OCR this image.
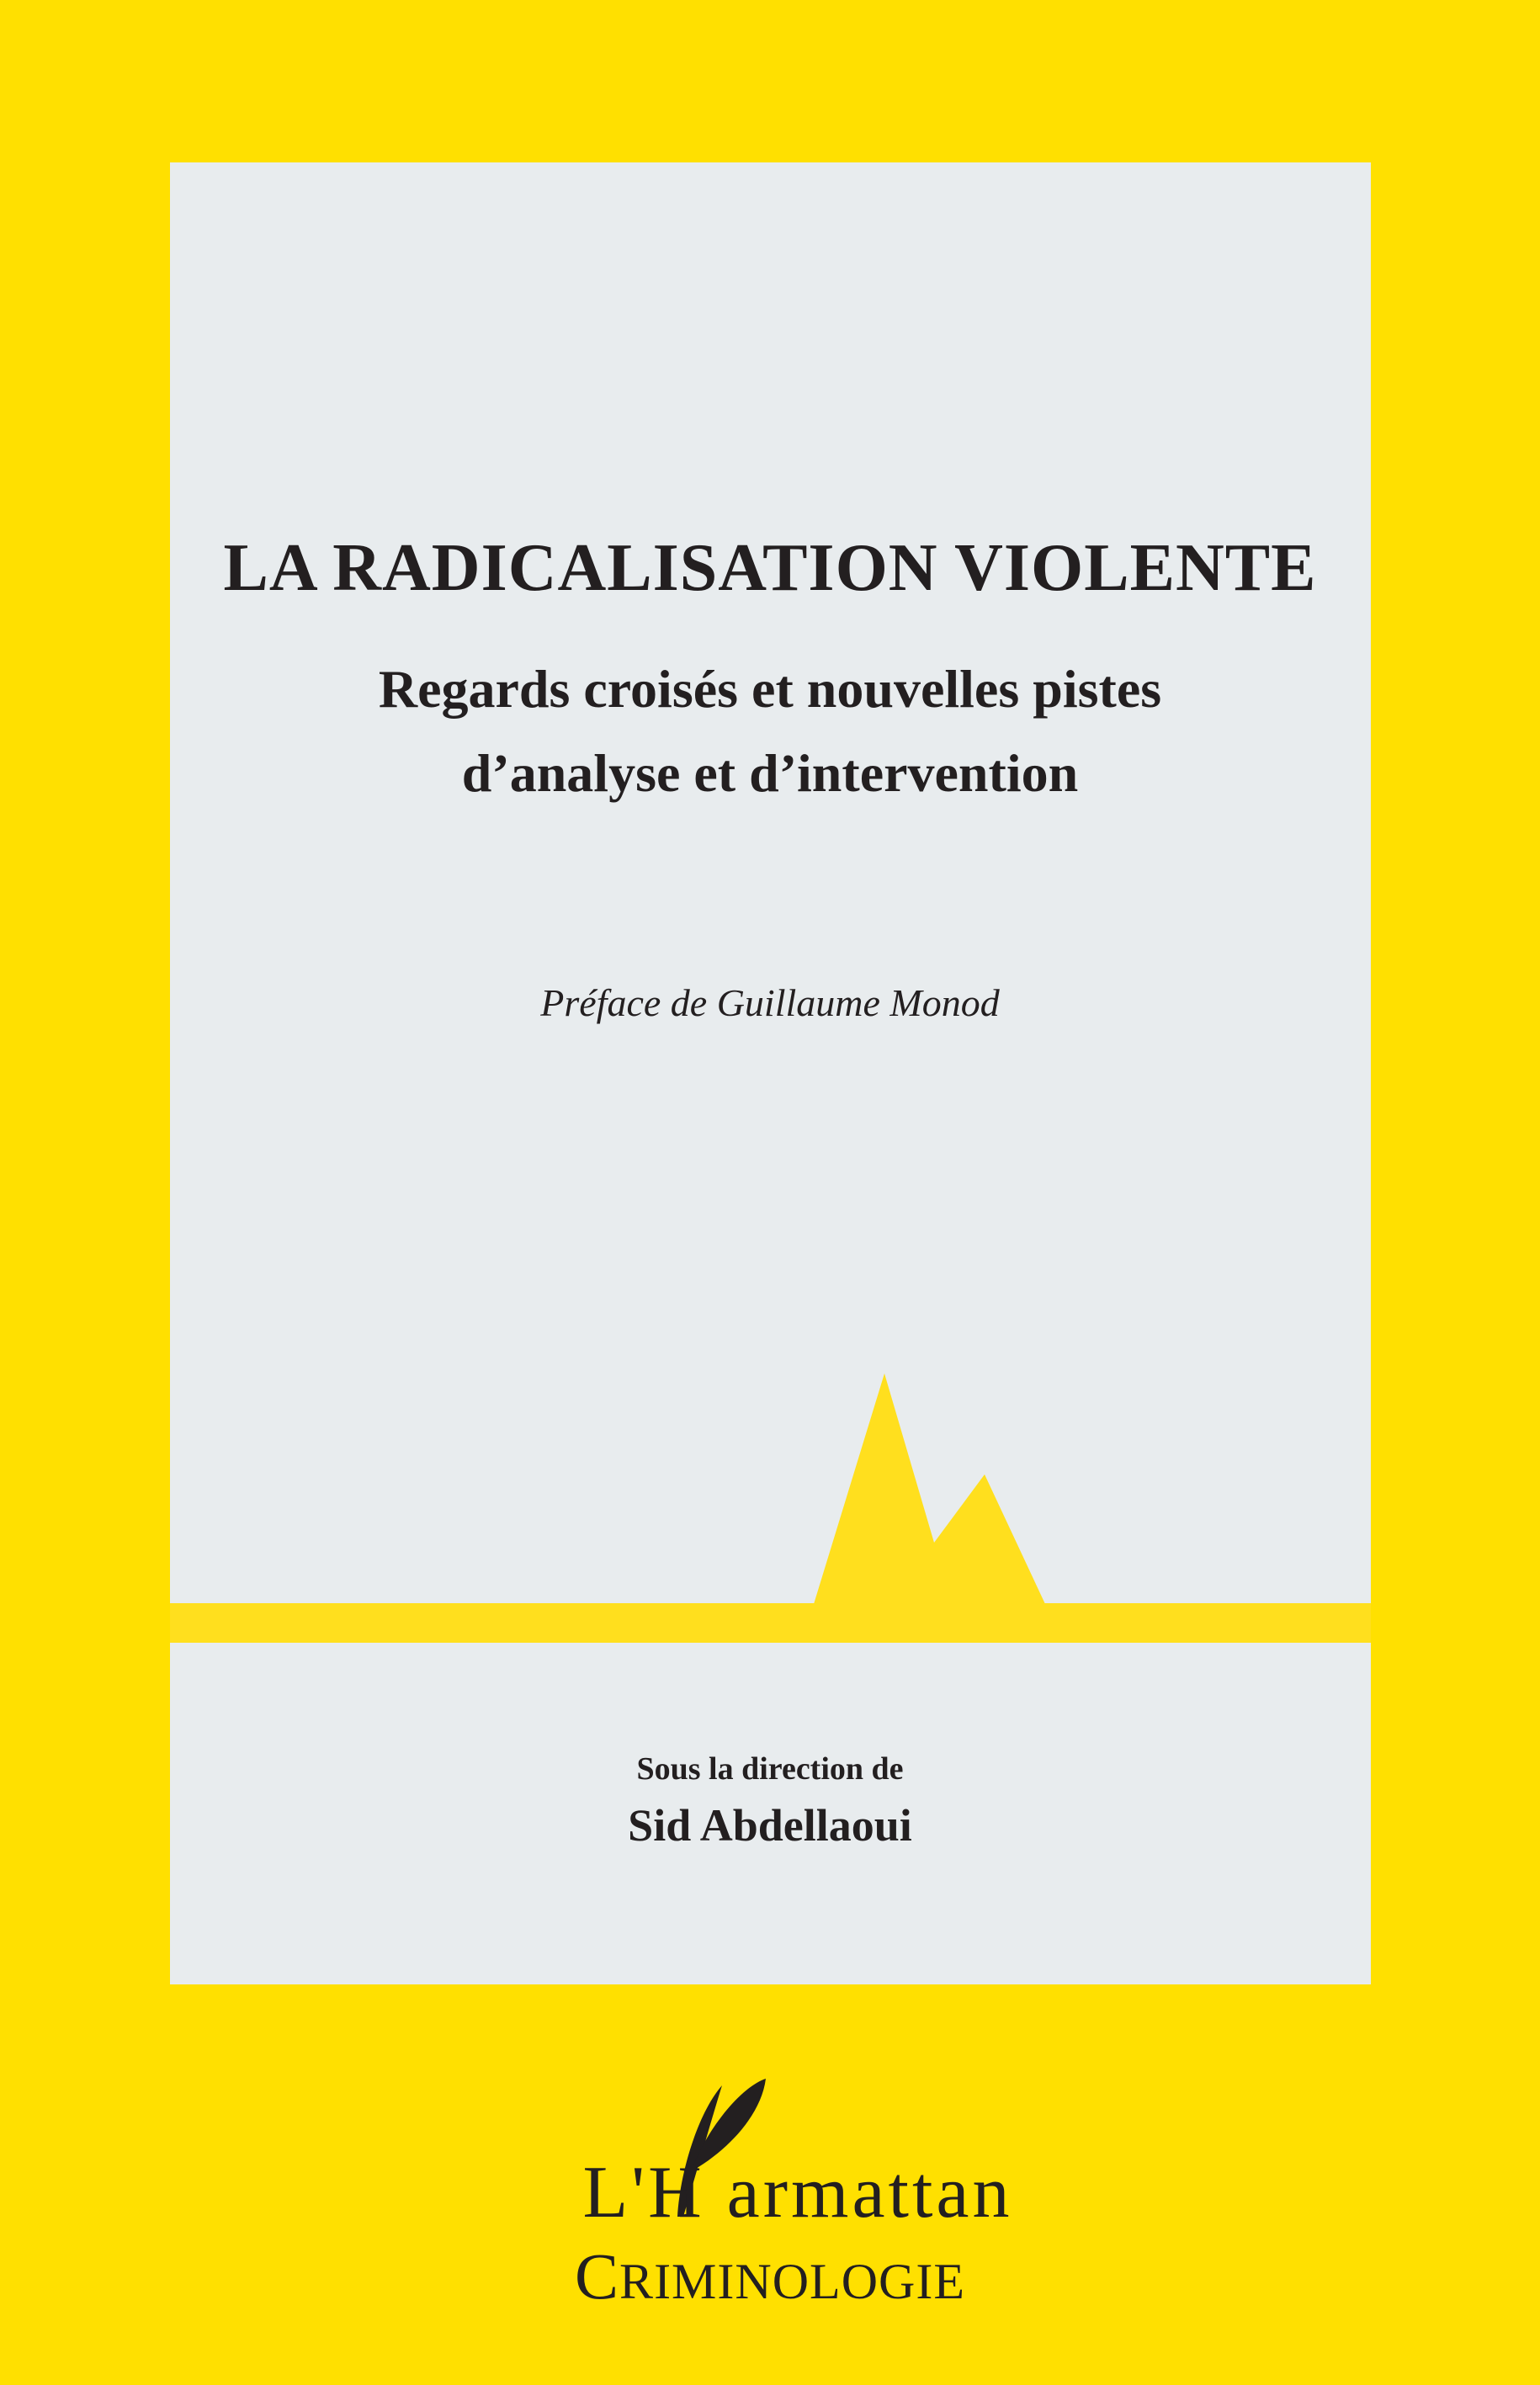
L'H armattan
LA RADICALISATION VIOLENTE
Regards croisés et nouvelles pistes
d’analyse et d’intervention
Préface de Guillaume Monod
Sous la direction de
Sid Abdellaoui
CRIMINOLOGIE
